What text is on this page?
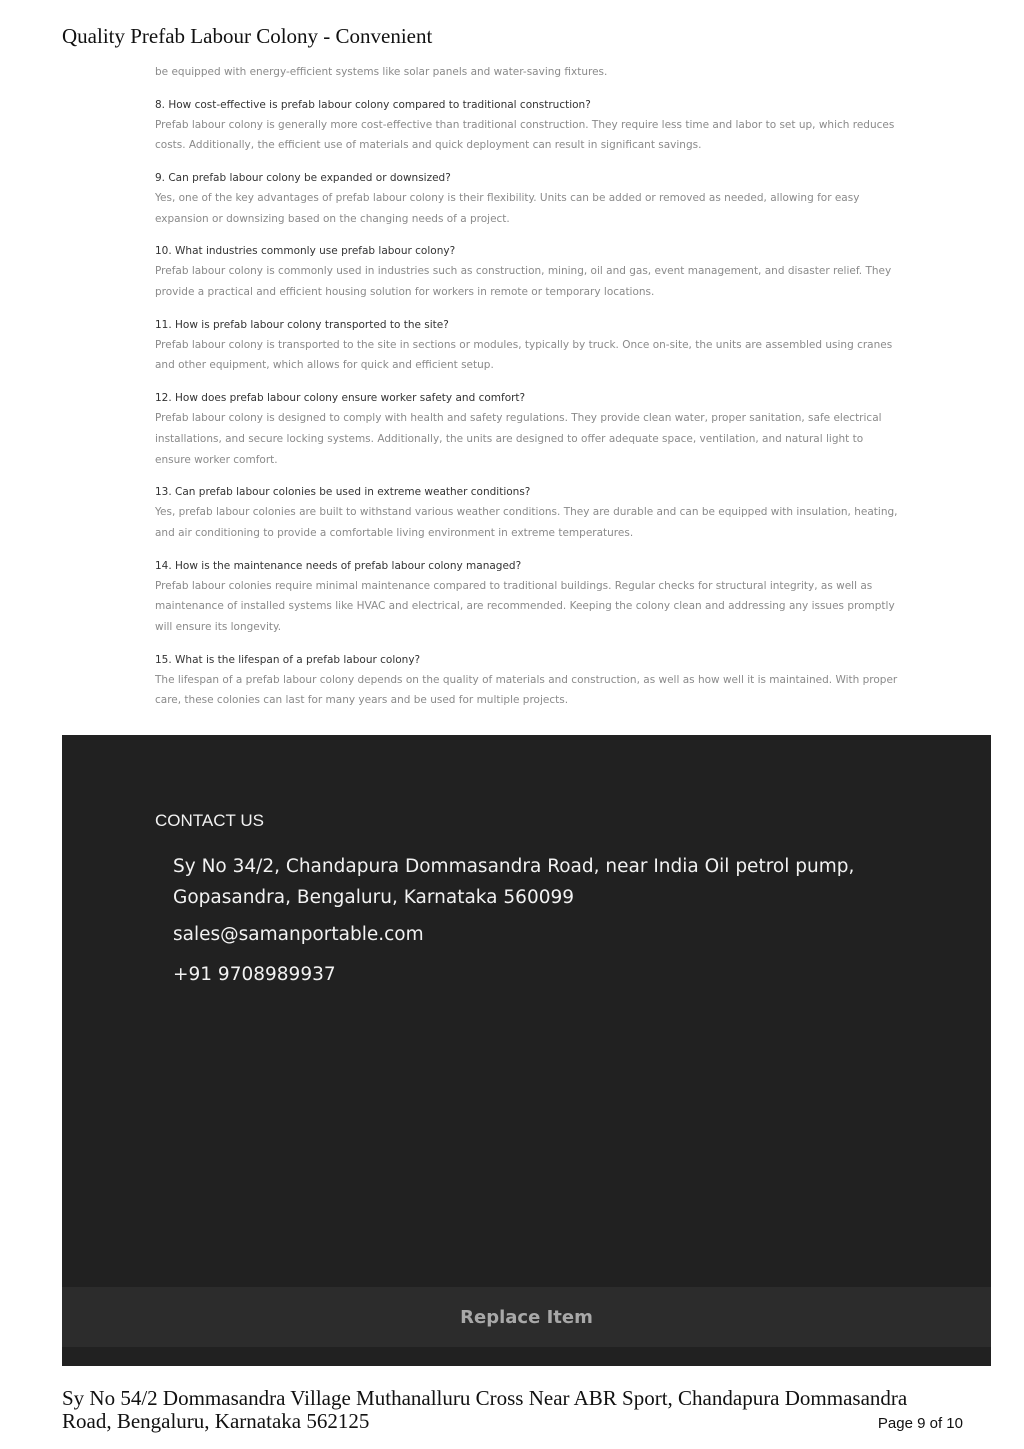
Quality Prefab Labour Colony - Convenient

be equipped with energy-efficient systems like solar panels and water-saving fixtures.

8. How cost-effective is prefab labour colony compared to traditional construction?

Prefab labour colony is generally more cost-effective than traditional construction. They require less time and labor to set up, which reduces costs. Additionally, the efficient use of materials and quick deployment can result in significant savings.

9. Can prefab labour colony be expanded or downsized?

Yes, one of the key advantages of prefab labour colony is their flexibility. Units can be added or removed as needed, allowing for easy expansion or downsizing based on the changing needs of a project.

10. What industries commonly use prefab labour colony?

Prefab labour colony is commonly used in industries such as construction, mining, oil and gas, event management, and disaster relief. They provide a practical and efficient housing solution for workers in remote or temporary locations.

11. How is prefab labour colony transported to the site?

Prefab labour colony is transported to the site in sections or modules, typically by truck. Once on-site, the units are assembled using cranes and other equipment, which allows for quick and efficient setup.

12. How does prefab labour colony ensure worker safety and comfort?

Prefab labour colony is designed to comply with health and safety regulations. They provide clean water, proper sanitation, safe electrical installations, and secure locking systems. Additionally, the units are designed to offer adequate space, ventilation, and natural light to ensure worker comfort.

13. Can prefab labour colonies be used in extreme weather conditions?

Yes, prefab labour colonies are built to withstand various weather conditions. They are durable and can be equipped with insulation, heating, and air conditioning to provide a comfortable living environment in extreme temperatures.

14. How is the maintenance needs of prefab labour colony managed?

Prefab labour colonies require minimal maintenance compared to traditional buildings. Regular checks for structural integrity, as well as maintenance of installed systems like HVAC and electrical, are recommended. Keeping the colony clean and addressing any issues promptly will ensure its longevity.

15. What is the lifespan of a prefab labour colony?

The lifespan of a prefab labour colony depends on the quality of materials and construction, as well as how well it is maintained. With proper care, these colonies can last for many years and be used for multiple projects.

CONTACT US
Sy No 34/2, Chandapura Dommasandra Road, near India Oil petrol pump, Gopasandra, Bengaluru, Karnataka 560099
sales@samanportable.com
+91 9708989937
Replace Item
Sy No 54/2 Dommasandra Village Muthanalluru Cross Near ABR Sport, Chandapura Dommasandra Road, Bengaluru, Karnataka 562125	Page 9 of 10
